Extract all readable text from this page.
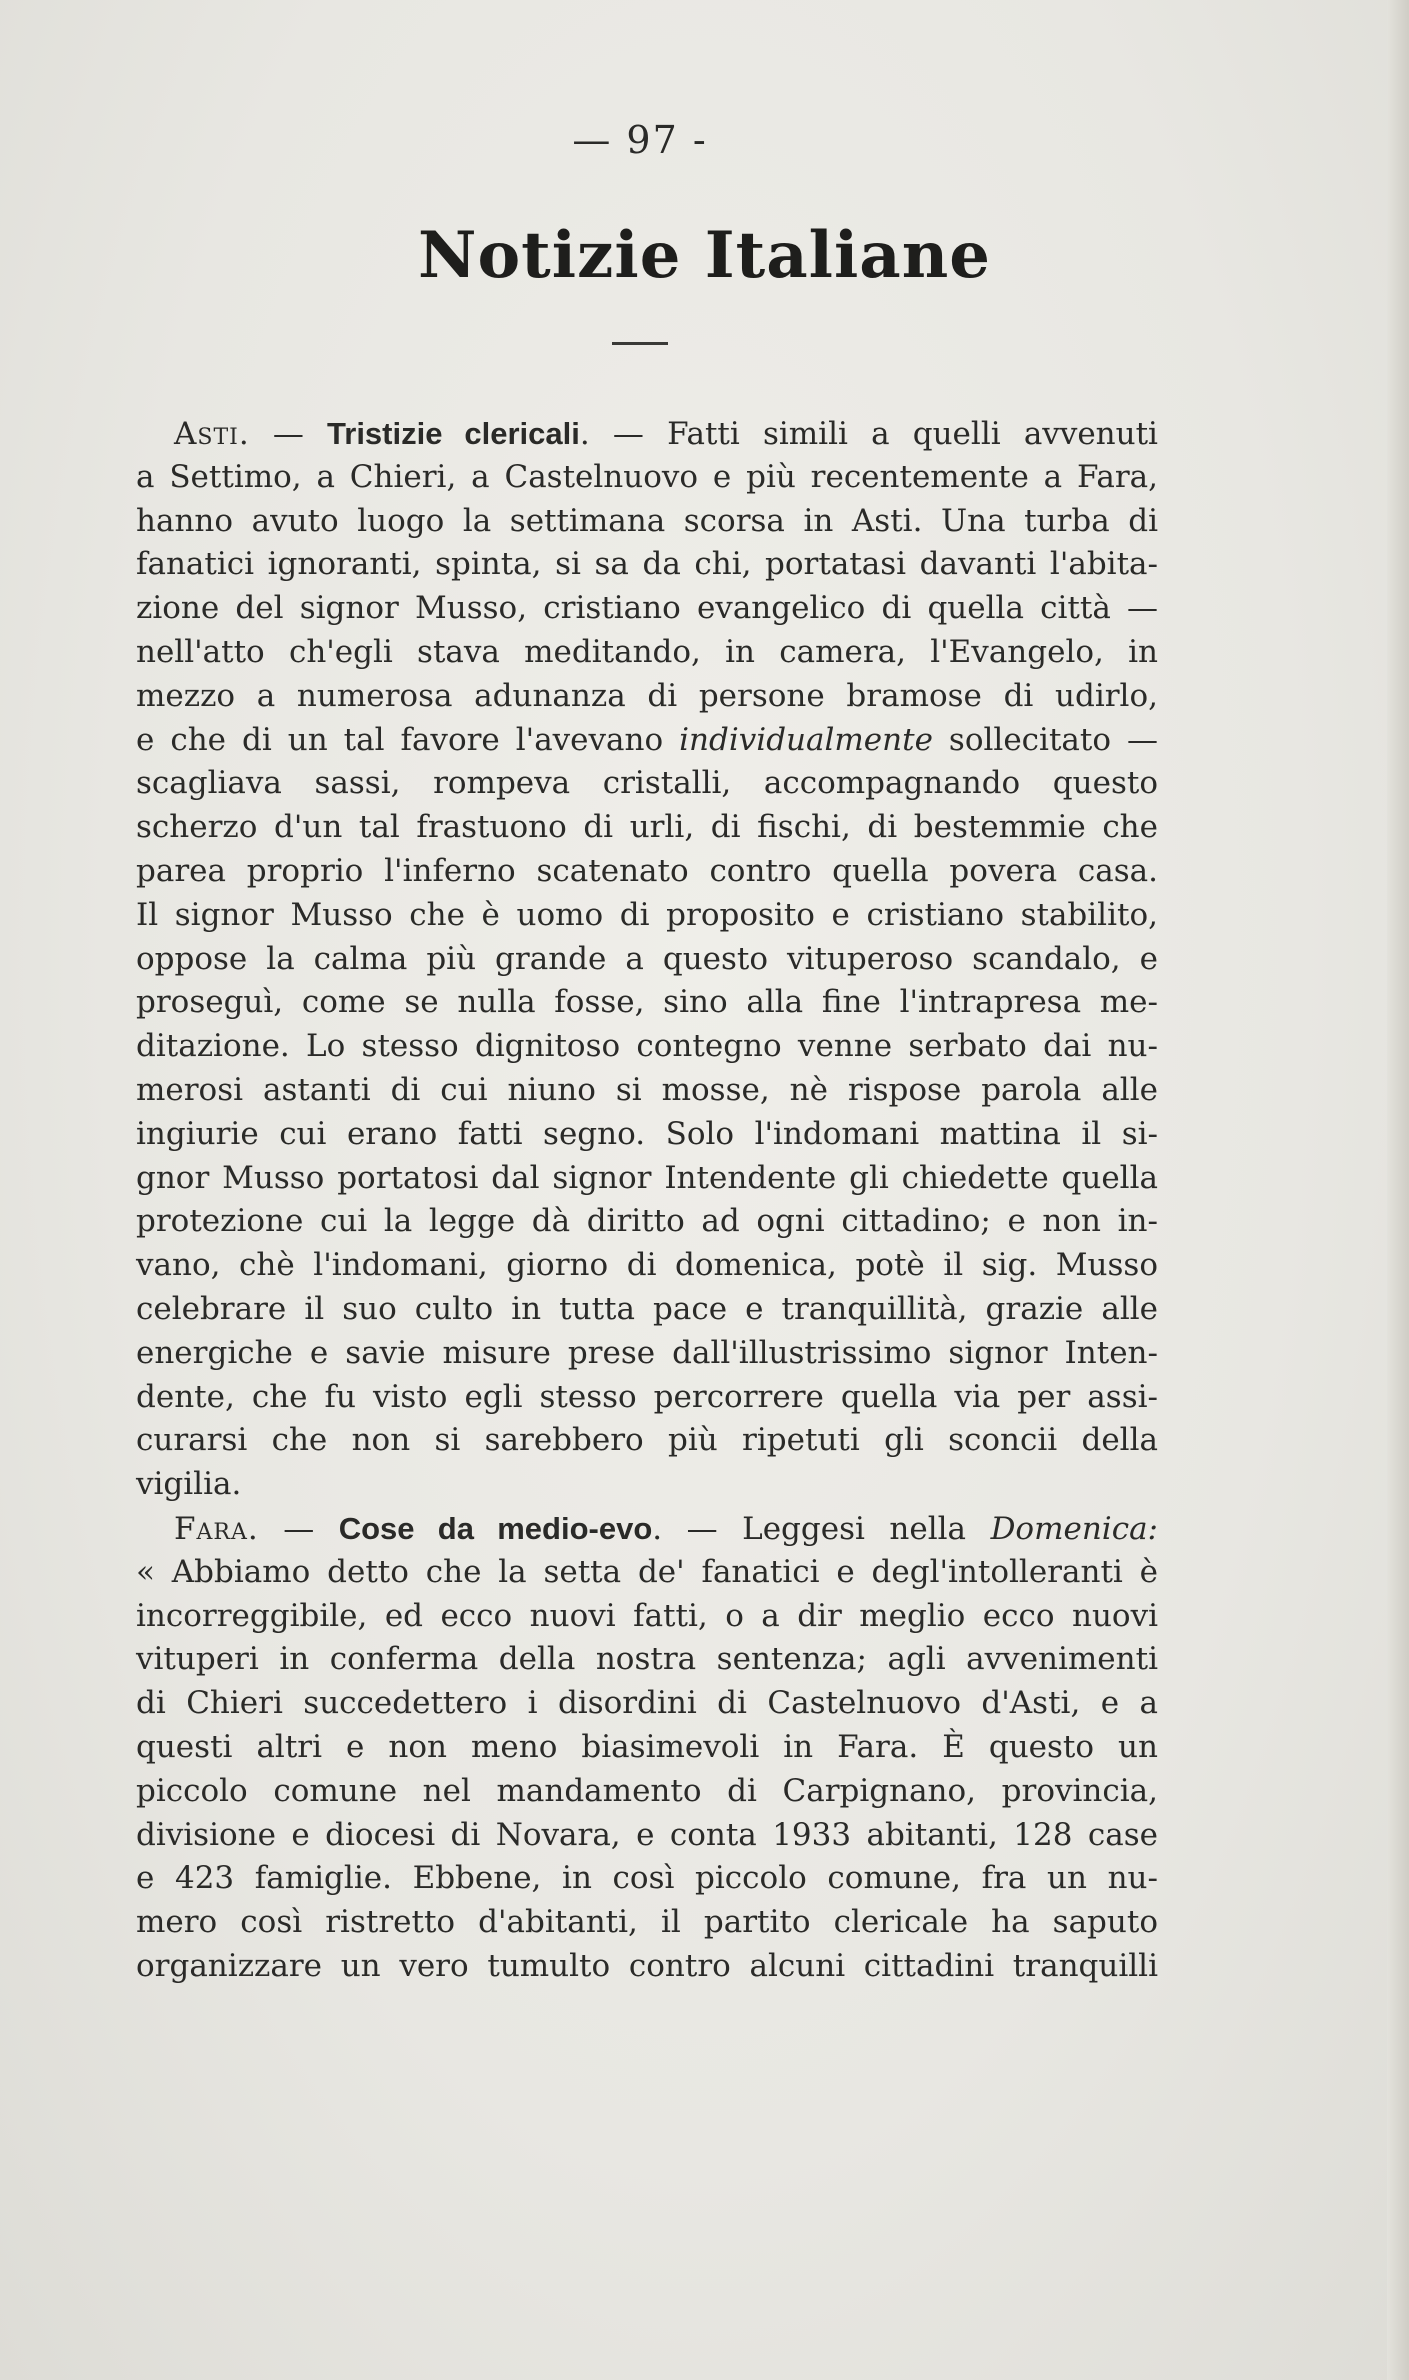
— 97 -
Notizie Italiane
Asti. — Tristizie clericali. — Fatti simili a quelli avvenuti
a Settimo, a Chieri, a Castelnuovo e più recentemente a Fara,
hanno avuto luogo la settimana scorsa in Asti. Una turba di
fanatici ignoranti, spinta, si sa da chi, portatasi davanti l'abita-
zione del signor Musso, cristiano evangelico di quella città —
nell'atto ch'egli stava meditando, in camera, l'Evangelo, in
mezzo a numerosa adunanza di persone bramose di udirlo,
e che di un tal favore l'avevano individualmente sollecitato —
scagliava sassi, rompeva cristalli, accompagnando questo
scherzo d'un tal frastuono di urli, di fischi, di bestemmie che
parea proprio l'inferno scatenato contro quella povera casa.
Il signor Musso che è uomo di proposito e cristiano stabilito,
oppose la calma più grande a questo vituperoso scandalo, e
proseguì, come se nulla fosse, sino alla fine l'intrapresa me-
ditazione. Lo stesso dignitoso contegno venne serbato dai nu-
merosi astanti di cui niuno si mosse, nè rispose parola alle
ingiurie cui erano fatti segno. Solo l'indomani mattina il si-
gnor Musso portatosi dal signor Intendente gli chiedette quella
protezione cui la legge dà diritto ad ogni cittadino; e non in-
vano, chè l'indomani, giorno di domenica, potè il sig. Musso
celebrare il suo culto in tutta pace e tranquillità, grazie alle
energiche e savie misure prese dall'illustrissimo signor Inten-
dente, che fu visto egli stesso percorrere quella via per assi-
curarsi che non si sarebbero più ripetuti gli sconcii della
vigilia.
Fara. — Cose da medio-evo. — Leggesi nella Domenica:
« Abbiamo detto che la setta de' fanatici e degl'intolleranti è
incorreggibile, ed ecco nuovi fatti, o a dir meglio ecco nuovi
vituperi in conferma della nostra sentenza; agli avvenimenti
di Chieri succedettero i disordini di Castelnuovo d'Asti, e a
questi altri e non meno biasimevoli in Fara. È questo un
piccolo comune nel mandamento di Carpignano, provincia,
divisione e diocesi di Novara, e conta 1933 abitanti, 128 case
e 423 famiglie. Ebbene, in così piccolo comune, fra un nu-
mero così ristretto d'abitanti, il partito clericale ha saputo
organizzare un vero tumulto contro alcuni cittadini tranquilli
